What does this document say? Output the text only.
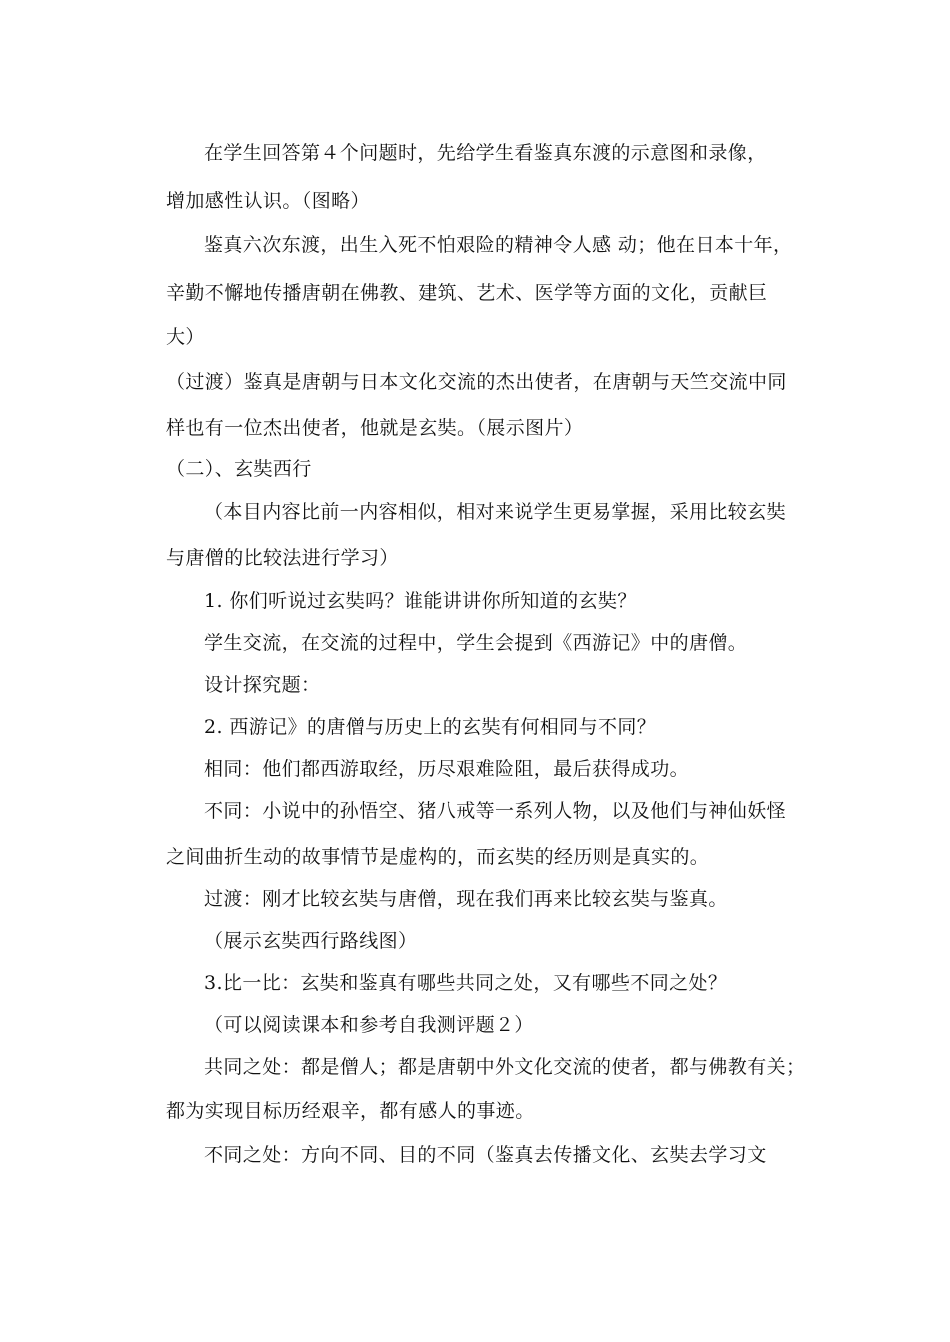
在学生回答第４个问题时，先给学生看鉴真东渡的示意图和录像，
增加感性认识。（图略）
鉴真六次东渡，出生入死不怕艰险的精神令人感 动；他在日本十年，
辛勤不懈地传播唐朝在佛教、建筑、艺术、医学等方面的文化，贡献巨
大）
（过渡）鉴真是唐朝与日本文化交流的杰出使者，在唐朝与天竺交流中同
样也有一位杰出使者，他就是玄奘。（展示图片）
（二）、玄奘西行
（本目内容比前一内容相似，相对来说学生更易掌握，采用比较玄奘
与唐僧的比较法进行学习）
1. 你们听说过玄奘吗？谁能讲讲你所知道的玄奘？
学生交流，在交流的过程中，学生会提到《西游记》中的唐僧。
设计探究题：
2. 西游记》的唐僧与历史上的玄奘有何相同与不同？
相同：他们都西游取经，历尽艰难险阻，最后获得成功。
不同：小说中的孙悟空、猪八戒等一系列人物，以及他们与神仙妖怪
之间曲折生动的故事情节是虚构的，而玄奘的经历则是真实的。
过渡：刚才比较玄奘与唐僧，现在我们再来比较玄奘与鉴真。
（展示玄奘西行路线图）
3.比一比：玄奘和鉴真有哪些共同之处，又有哪些不同之处？
（可以阅读课本和参考自我测评题２）
共同之处：都是僧人；都是唐朝中外文化交流的使者，都与佛教有关；
都为实现目标历经艰辛，都有感人的事迹。
不同之处：方向不同、目的不同（鉴真去传播文化、玄奘去学习文
